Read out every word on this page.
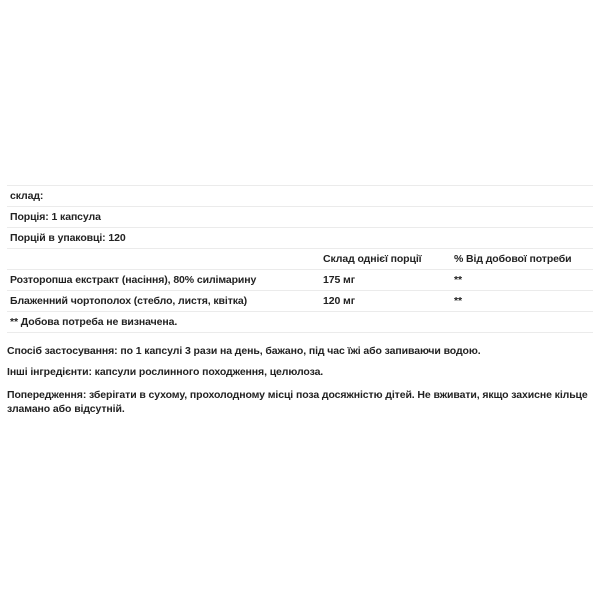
склад:		
Порція: 1 капсула		
Порцій в упаковці: 120		
	Склад однієї порції	% Від добової потреби
Розторопша екстракт (насіння), 80% силімарину	175 мг	**
Блаженний чортополох (стебло, листя, квітка)	120 мг	**
** Добова потреба не визначена.		

Спосіб застосування: по 1 капсулі 3 рази на день, бажано, під час їжі або запиваючи водою.

Інші інгредієнти: капсули рослинного походження, целюлоза.

Попередження: зберігати в сухому, прохолодному місці поза досяжністю дітей. Не вживати, якщо захисне кільце зламано або відсутній.
